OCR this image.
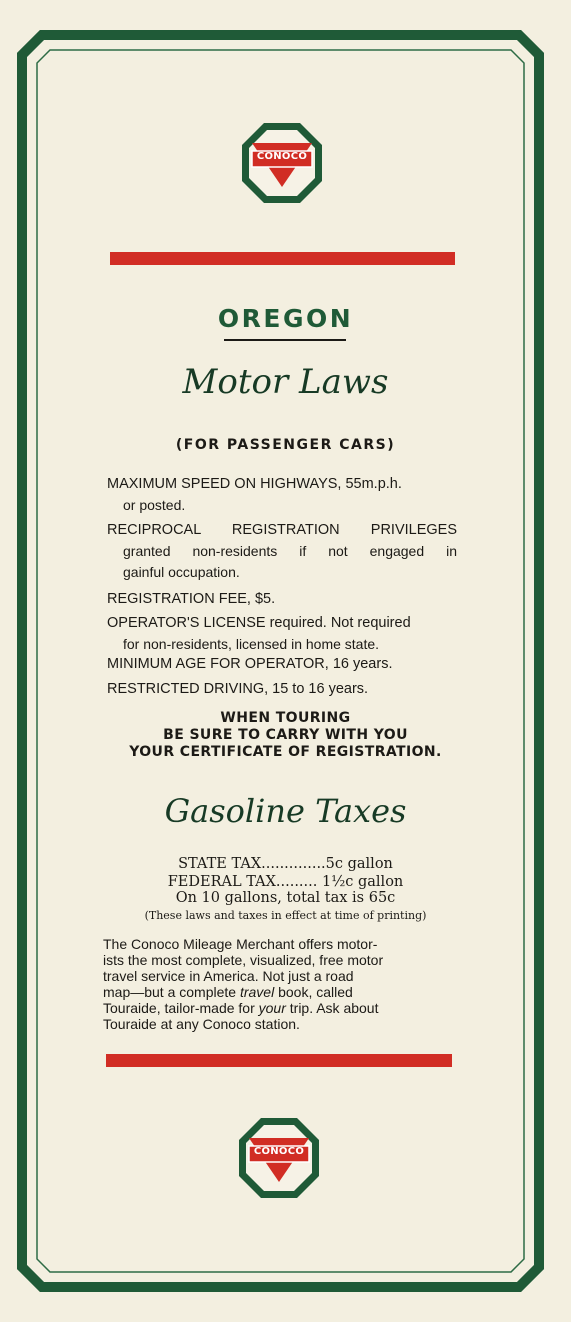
CONOCO
OREGON
Motor Laws
(FOR PASSENGER CARS)
MAXIMUM SPEED ON HIGHWAYS, 55m.p.h.
or posted.
RECIPROCAL REGISTRATION PRIVILEGES
granted non-residents if not engaged in
gainful occupation.
REGISTRATION FEE, $5.
OPERATOR'S LICENSE required. Not required
for non-residents, licensed in home state.
MINIMUM AGE FOR OPERATOR, 16 years.
RESTRICTED DRIVING, 15 to 16 years.
WHEN TOURING
BE SURE TO CARRY WITH YOU
YOUR CERTIFICATE OF REGISTRATION.
Gasoline Taxes
STATE TAX..............5c gallon
FEDERAL TAX......... 1½c gallon
On 10 gallons, total tax is 65c
(These laws and taxes in effect at time of printing)
The Conoco Mileage Merchant offers motor-
ists the most complete, visualized, free motor
travel service in America. Not just a road
map—but a complete travel book, called
Touraide, tailor-made for your trip. Ask about
Touraide at any Conoco station.
CONOCO
